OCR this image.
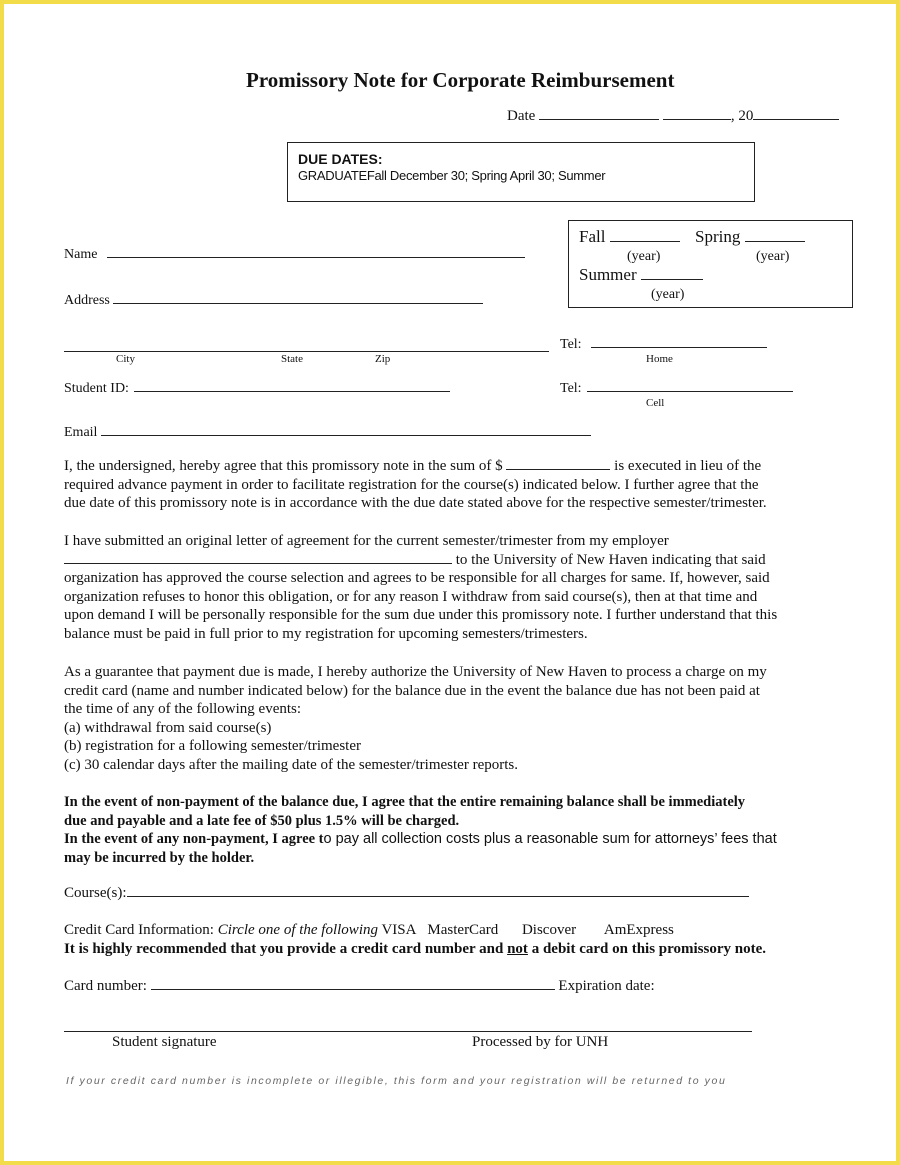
Promissory Note for Corporate Reimbursement
Date	, 20
DUE DATES:
GRADUATEFall December 30; Spring April 30; Summer
Fall	Spring
(year)	(year)
Summer
(year)
Name
Address
City	State	Zip
Tel:
Home
Student ID:	Tel:
Cell
Email
I, the undersigned, hereby agree that this promissory note in the sum of $	is executed in lieu of the
required advance payment in order to facilitate registration for the course(s) indicated below. I further agree that the
due date of this promissory note is in accordance with the due date stated above for the respective semester/trimester.
I have submitted an original letter of agreement for the current semester/trimester from my employer
to the University of New Haven indicating that said
organization has approved the course selection and agrees to be responsible for all charges for same. If, however, said
organization refuses to honor this obligation, or for any reason I withdraw from said course(s), then at that time and
upon demand I will be personally responsible for the sum due under this promissory note. I further understand that this
balance must be paid in full prior to my registration for upcoming semesters/trimesters.
As a guarantee that payment due is made, I hereby authorize the University of New Haven to process a charge on my
credit card (name and number indicated below) for the balance due in the event the balance due has not been paid at
the time of any of the following events:
(a) withdrawal from said course(s)
(b) registration for a following semester/trimester
(c) 30 calendar days after the mailing date of the semester/trimester reports.
In the event of non-payment of the balance due, I agree that the entire remaining balance shall be immediately
due and payable and a late fee of $50 plus 1.5% will be charged.
In the event of any non-payment, I agree to pay all collection costs plus a reasonable sum for attorneys’ fees that
may be incurred by the holder.
Course(s):
Credit Card Information: Circle one of the following VISA MasterCard Discover AmExpress
It is highly recommended that you provide a credit card number and not a debit card on this promissory note.
Card number:	Expiration date:
Student signature	Processed by for UNH
If your credit card number is incomplete or illegible, this form and your registration will be returned to you
